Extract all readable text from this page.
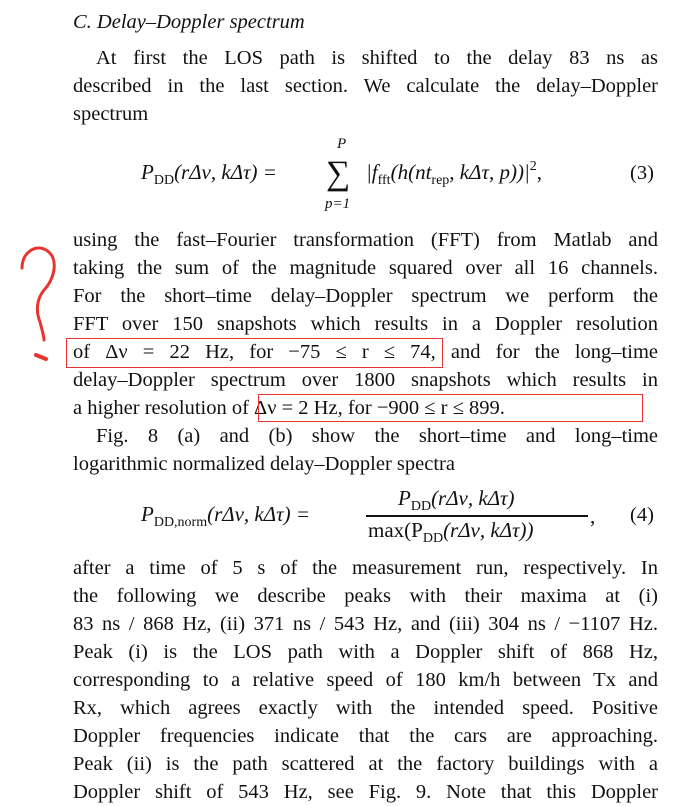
C. Delay–Doppler spectrum
At first the LOS path is shifted to the delay 83 ns as
described in the last section. We calculate the delay–Doppler
spectrum
$P_{DD}(r\Delta\nu$, kΔτ) =
P
∑
p=1
$|f_{fft}(h(nt_{rep}$, kΔτ, $p))|^2$,	(3)
using the fast–Fourier transformation (FFT) from Matlab and
taking the sum of the magnitude squared over all 16 channels.
For the short–time delay–Doppler spectrum we perform the
FFT over 150 snapshots which results in a Doppler resolution
of Δν = 22 Hz, for −75 ≤ r ≤ 74, and for the long–time
delay–Doppler spectrum over 1800 snapshots which results in
a higher resolution of Δν = 2 Hz, for −900 ≤ r ≤ 899.
Fig. 8 (a) and (b) show the short–time and long–time
logarithmic normalized delay–Doppler spectra
$P_{DD,norm}(r\Delta\nu$, kΔτ) =
$P_{DD}(r\Delta\nu$, kΔτ)
$\max(P_{DD}(r\Delta\nu$, kΔτ))
, (4)
after a time of 5 s of the measurement run, respectively. In
the following we describe peaks with their maxima at (i)
83 ns / 868 Hz, (ii) 371 ns / 543 Hz, and (iii) 304 ns / −1107 Hz.
Peak (i) is the LOS path with a Doppler shift of 868 Hz,
corresponding to a relative speed of 180 km/h between Tx and
Rx, which agrees exactly with the intended speed. Positive
Doppler frequencies indicate that the cars are approaching.
Peak (ii) is the path scattered at the factory buildings with a
Doppler shift of 543 Hz, see Fig. 9. Note that this Doppler
